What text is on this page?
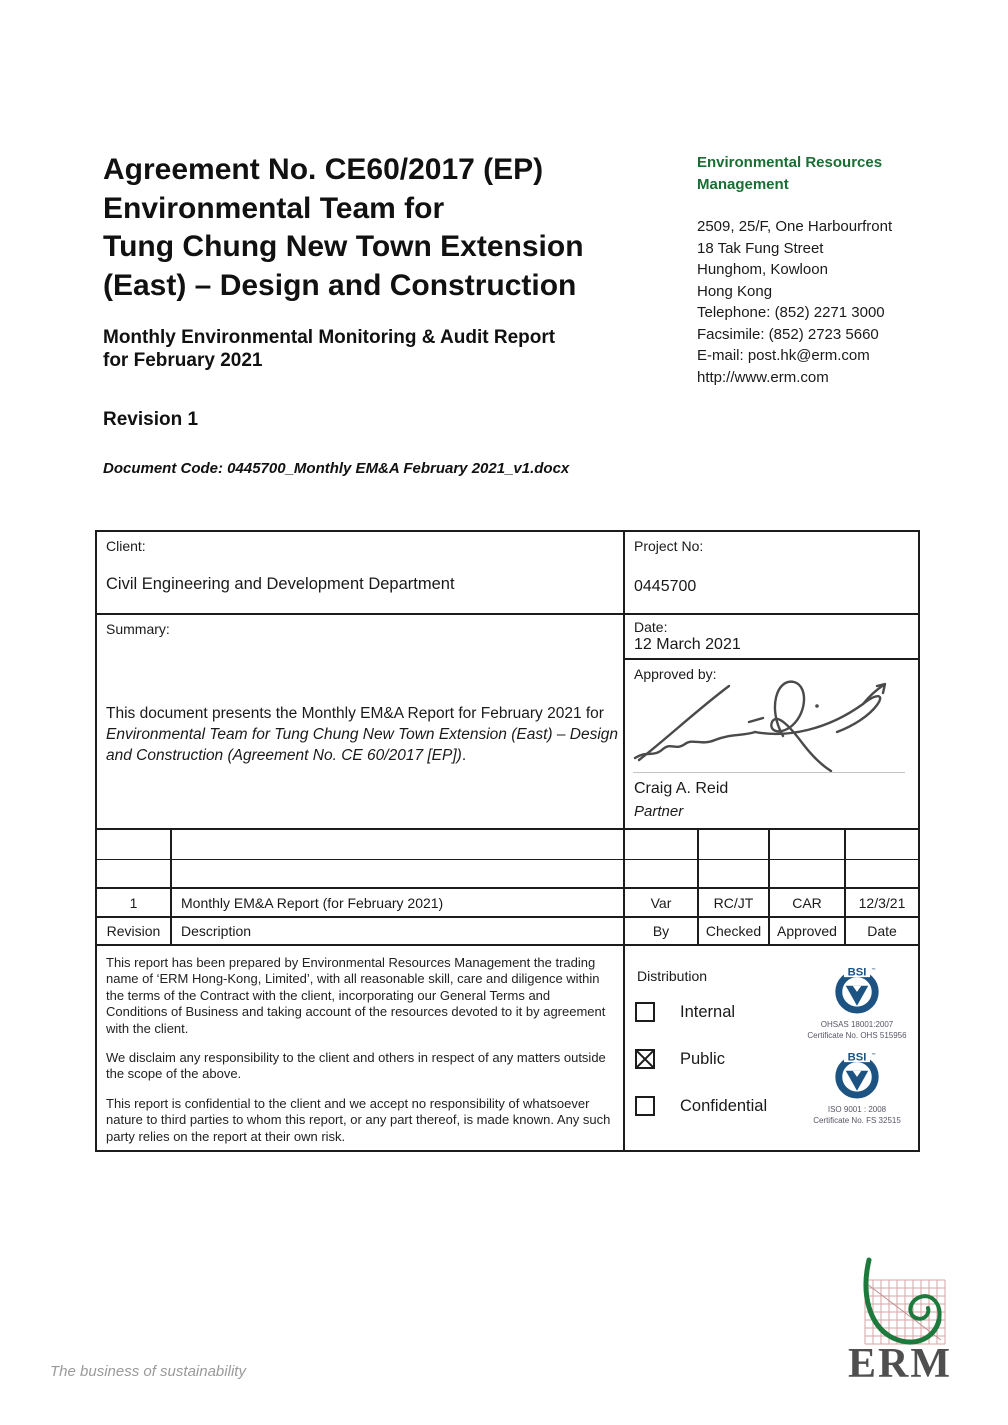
Agreement No. CE60/2017 (EP)
Environmental Team for
Tung Chung New Town Extension
(East) – Design and Construction
Monthly Environmental Monitoring & Audit Report
for February 2021
Revision 1
Document Code: 0445700_Monthly EM&A February 2021_v1.docx
Environmental Resources
Management
2509, 25/F, One Harbourfront
18 Tak Fung Street
Hunghom, Kowloon
Hong Kong
Telephone: (852) 2271 3000
Facsimile: (852) 2723 5660
E-mail: post.hk@erm.com
http://www.erm.com
Client:
Civil Engineering and Development Department
Project No:
0445700
Summary:
This document presents the Monthly EM&A Report for February 2021 for Environmental Team for Tung Chung New Town Extension (East) – Design and Construction (Agreement No. CE 60/2017 [EP]).
Date:
12 March 2021
Approved by:
Craig A. Reid
Partner
1	Monthly EM&A Report (for February 2021)	Var	RC/JT	CAR	12/3/21
Revision	Description	By	Checked	Approved	Date

This report has been prepared by Environmental Resources Management the trading name of ‘ERM Hong-Kong, Limited’, with all reasonable skill, care and diligence within the terms of the Contract with the client, incorporating our General Terms and Conditions of Business and taking account of the resources devoted to it by agreement with the client.

We disclaim any responsibility to the client and others in respect of any matters outside the scope of the above.

This report is confidential to the client and we accept no responsibility of whatsoever nature to third parties to whom this report, or any part thereof, is made known. Any such party relies on the report at their own risk.

Distribution
Internal
Public
Confidential
BSI ™
OHSAS 18001:2007
Certificate No. OHS 515956
BSI ™
ISO 9001 : 2008
Certificate No. FS 32515
The business of sustainability	ERM
